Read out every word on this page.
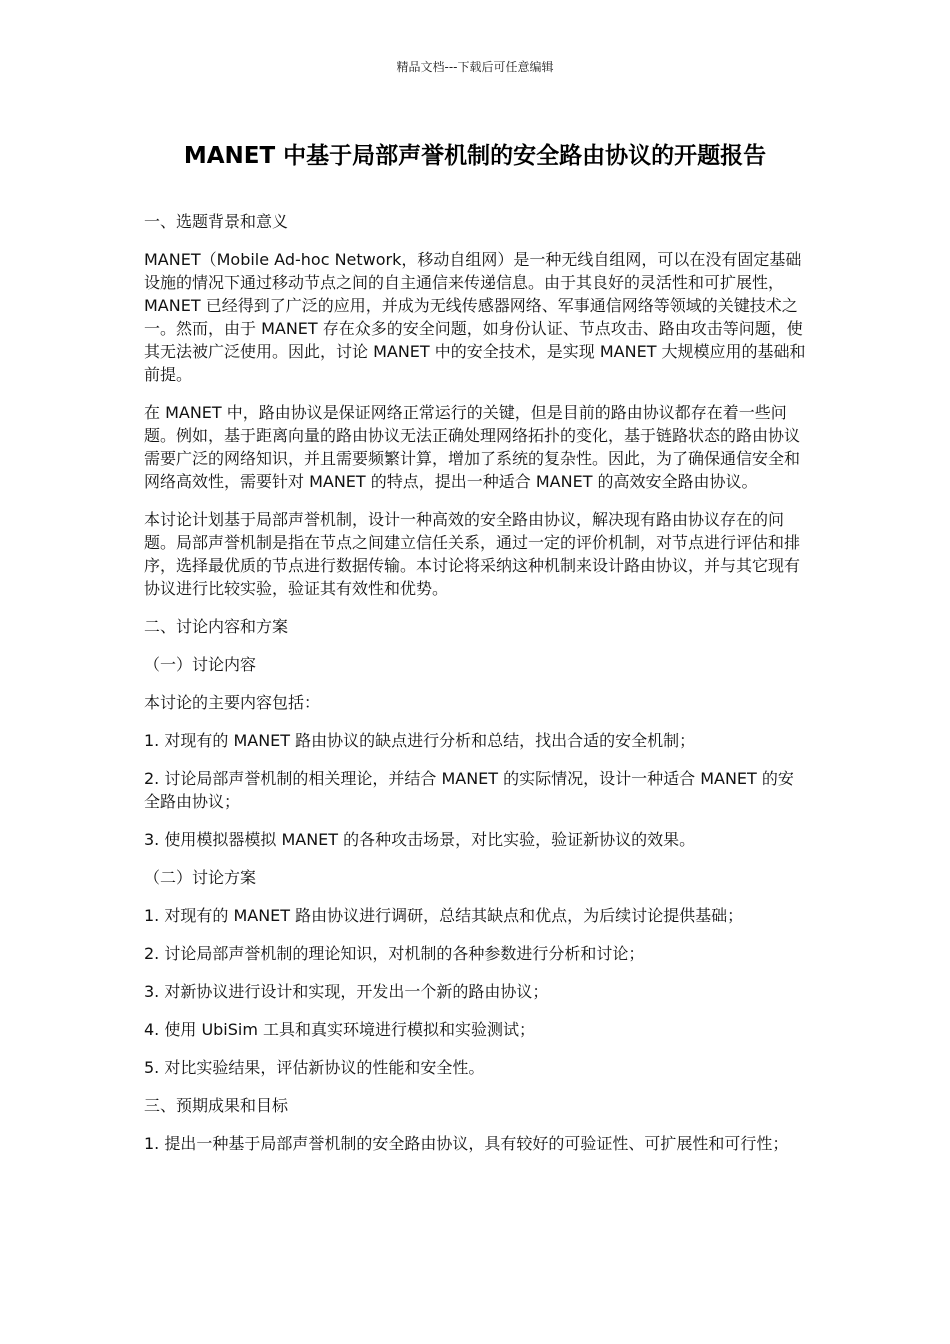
精品文档---下载后可任意编辑
MANET 中基于局部声誉机制的安全路由协议的开题报告

一、选题背景和意义

MANET（Mobile Ad-hoc Network，移动自组网）是一种无线自组网，可以在没有固定基础设施的情况下通过移动节点之间的自主通信来传递信息。由于其良好的灵活性和可扩展性，MANET 已经得到了广泛的应用，并成为无线传感器网络、军事通信网络等领域的关键技术之一。然而，由于 MANET 存在众多的安全问题，如身份认证、节点攻击、路由攻击等问题，使其无法被广泛使用。因此，讨论 MANET 中的安全技术，是实现 MANET 大规模应用的基础和前提。

在 MANET 中，路由协议是保证网络正常运行的关键，但是目前的路由协议都存在着一些问题。例如，基于距离向量的路由协议无法正确处理网络拓扑的变化，基于链路状态的路由协议需要广泛的网络知识，并且需要频繁计算，增加了系统的复杂性。因此，为了确保通信安全和网络高效性，需要针对 MANET 的特点，提出一种适合 MANET 的高效安全路由协议。

本讨论计划基于局部声誉机制，设计一种高效的安全路由协议，解决现有路由协议存在的问题。局部声誉机制是指在节点之间建立信任关系，通过一定的评价机制，对节点进行评估和排序，选择最优质的节点进行数据传输。本讨论将采纳这种机制来设计路由协议，并与其它现有协议进行比较实验，验证其有效性和优势。

二、讨论内容和方案

（一）讨论内容

本讨论的主要内容包括：

1. 对现有的 MANET 路由协议的缺点进行分析和总结，找出合适的安全机制；

2. 讨论局部声誉机制的相关理论，并结合 MANET 的实际情况，设计一种适合 MANET 的安全路由协议；

3. 使用模拟器模拟 MANET 的各种攻击场景，对比实验，验证新协议的效果。

（二）讨论方案

1. 对现有的 MANET 路由协议进行调研，总结其缺点和优点，为后续讨论提供基础；

2. 讨论局部声誉机制的理论知识，对机制的各种参数进行分析和讨论；

3. 对新协议进行设计和实现，开发出一个新的路由协议；

4. 使用 UbiSim 工具和真实环境进行模拟和实验测试；

5. 对比实验结果，评估新协议的性能和安全性。

三、预期成果和目标

1. 提出一种基于局部声誉机制的安全路由协议，具有较好的可验证性、可扩展性和可行性；
